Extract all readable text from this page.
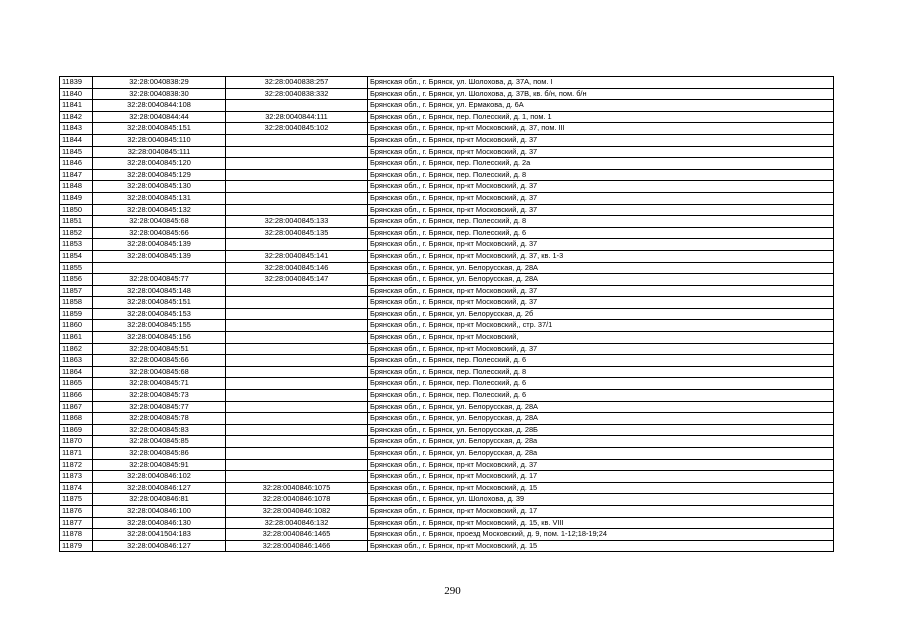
11839	32:28:0040838:29	32:28:0040838:257	Брянская обл., г. Брянск, ул. Шолохова, д. 37А, пом. I
11840	32:28:0040838:30	32:28:0040838:332	Брянская обл., г. Брянск, ул. Шолохова, д. 37В, кв. б/н, пом. б/н
11841	32:28:0040844:108		Брянская обл., г. Брянск, ул. Ермакова, д. 6А
11842	32:28:0040844:44	32:28:0040844:111	Брянская обл., г. Брянск, пер. Полесский, д. 1, пом. 1
11843	32:28:0040845:151	32:28:0040845:102	Брянская обл., г. Брянск, пр-кт Московский, д. 37, пом. III
11844	32:28:0040845:110		Брянская обл., г. Брянск, пр-кт Московский, д. 37
11845	32:28:0040845:111		Брянская обл., г. Брянск, пр-кт Московский, д. 37
11846	32:28:0040845:120		Брянская обл., г. Брянск, пер. Полесский, д. 2а
11847	32:28:0040845:129		Брянская обл., г. Брянск, пер. Полесский, д. 8
11848	32:28:0040845:130		Брянская обл., г. Брянск, пр-кт Московский, д. 37
11849	32:28:0040845:131		Брянская обл., г. Брянск, пр-кт Московский, д. 37
11850	32:28:0040845:132		Брянская обл., г. Брянск, пр-кт Московский, д. 37
11851	32:28:0040845:68	32:28:0040845:133	Брянская обл., г. Брянск, пер. Полесский, д. 8
11852	32:28:0040845:66	32:28:0040845:135	Брянская обл., г. Брянск, пер. Полесский, д. 6
11853	32:28:0040845:139		Брянская обл., г. Брянск, пр-кт Московский, д. 37
11854	32:28:0040845:139	32:28:0040845:141	Брянская обл., г. Брянск, пр-кт Московский, д. 37, кв. 1-3
11855		32:28:0040845:146	Брянская обл., г. Брянск, ул. Белорусская, д. 28А
11856	32:28:0040845:77	32:28:0040845:147	Брянская обл., г. Брянск, ул. Белорусская, д. 28А
11857	32:28:0040845:148		Брянская обл., г. Брянск, пр-кт Московский, д. 37
11858	32:28:0040845:151		Брянская обл., г. Брянск, пр-кт Московский, д. 37
11859	32:28:0040845:153		Брянская обл., г. Брянск, ул. Белорусская, д. 2б
11860	32:28:0040845:155		Брянская обл., г. Брянск, пр-кт Московский,, стр. 37/1
11861	32:28:0040845:156		Брянская обл., г. Брянск, пр-кт Московский,
11862	32:28:0040845:51		Брянская обл., г. Брянск, пр-кт Московский, д. 37
11863	32:28:0040845:66		Брянская обл., г. Брянск, пер. Полесский, д. 6
11864	32:28:0040845:68		Брянская обл., г. Брянск, пер. Полесский, д. 8
11865	32:28:0040845:71		Брянская обл., г. Брянск, пер. Полесский, д. 6
11866	32:28:0040845:73		Брянская обл., г. Брянск, пер. Полесский, д. 6
11867	32:28:0040845:77		Брянская обл., г. Брянск, ул. Белорусская, д. 28А
11868	32:28:0040845:78		Брянская обл., г. Брянск, ул. Белорусская, д. 28А
11869	32:28:0040845:83		Брянская обл., г. Брянск, ул. Белорусская, д. 28Б
11870	32:28:0040845:85		Брянская обл., г. Брянск, ул. Белорусская, д. 28а
11871	32:28:0040845:86		Брянская обл., г. Брянск, ул. Белорусская, д. 28а
11872	32:28:0040845:91		Брянская обл., г. Брянск, пр-кт Московский, д. 37
11873	32:28:0040846:102		Брянская обл., г. Брянск, пр-кт Московский, д. 17
11874	32:28:0040846:127	32:28:0040846:1075	Брянская обл., г. Брянск, пр-кт Московский, д. 15
11875	32:28:0040846:81	32:28:0040846:1078	Брянская обл., г. Брянск, ул. Шолохова, д. 39
11876	32:28:0040846:100	32:28:0040846:1082	Брянская обл., г. Брянск, пр-кт Московский, д. 17
11877	32:28:0040846:130	32:28:0040846:132	Брянская обл., г. Брянск, пр-кт Московский, д. 15, кв. VIII
11878	32:28:0041504:183	32:28:0040846:1465	Брянская обл., г. Брянск, проезд Московский, д. 9, пом. 1-12;18-19;24
11879	32:28:0040846:127	32:28:0040846:1466	Брянская обл., г. Брянск, пр-кт Московский, д. 15
290
